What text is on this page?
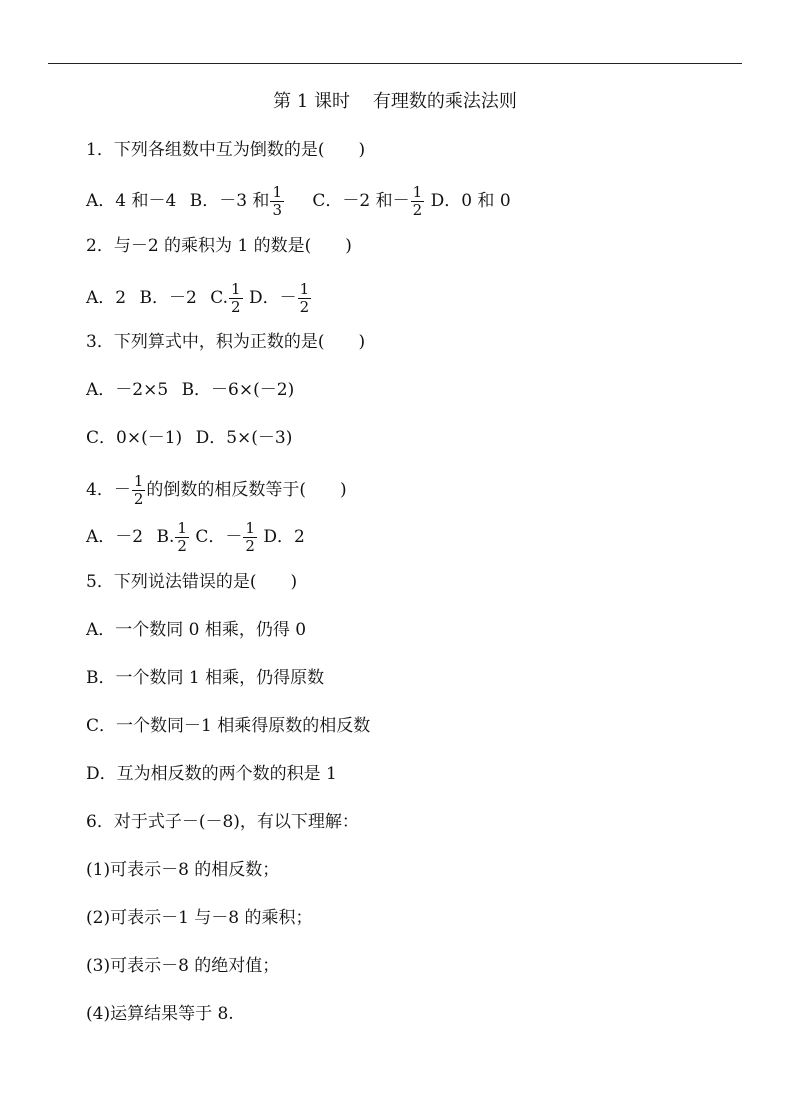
第 1 课时    有理数的乘法法则
1．下列各组数中互为倒数的是(　　)
A．4 和－4 B．－3 和 $\frac{1}{3}$ C．－2 和－ $\frac{1}{2}$ D．0 和 0
2．与－2 的乘积为 1 的数是(　　)
A．2 B．－2 C. $\frac{1}{2}$ D．－ $\frac{1}{2}$
3．下列算式中，积为正数的是(　　)
A．－2×5 B．－6×(－2)
C．0×(－1) D．5×(－3)
4．－ $\frac{1}{2}$ 的倒数的相反数等于(　　)
A．－2 B. $\frac{1}{2}$ C．－ $\frac{1}{2}$ D．2
5．下列说法错误的是(　　)
A．一个数同 0 相乘，仍得 0
B．一个数同 1 相乘，仍得原数
C．一个数同－1 相乘得原数的相反数
D．互为相反数的两个数的积是 1
6．对于式子－(－8)，有以下理解：
(1)可表示－8 的相反数；
(2)可表示－1 与－8 的乘积；
(3)可表示－8 的绝对值；
(4)运算结果等于 8.
